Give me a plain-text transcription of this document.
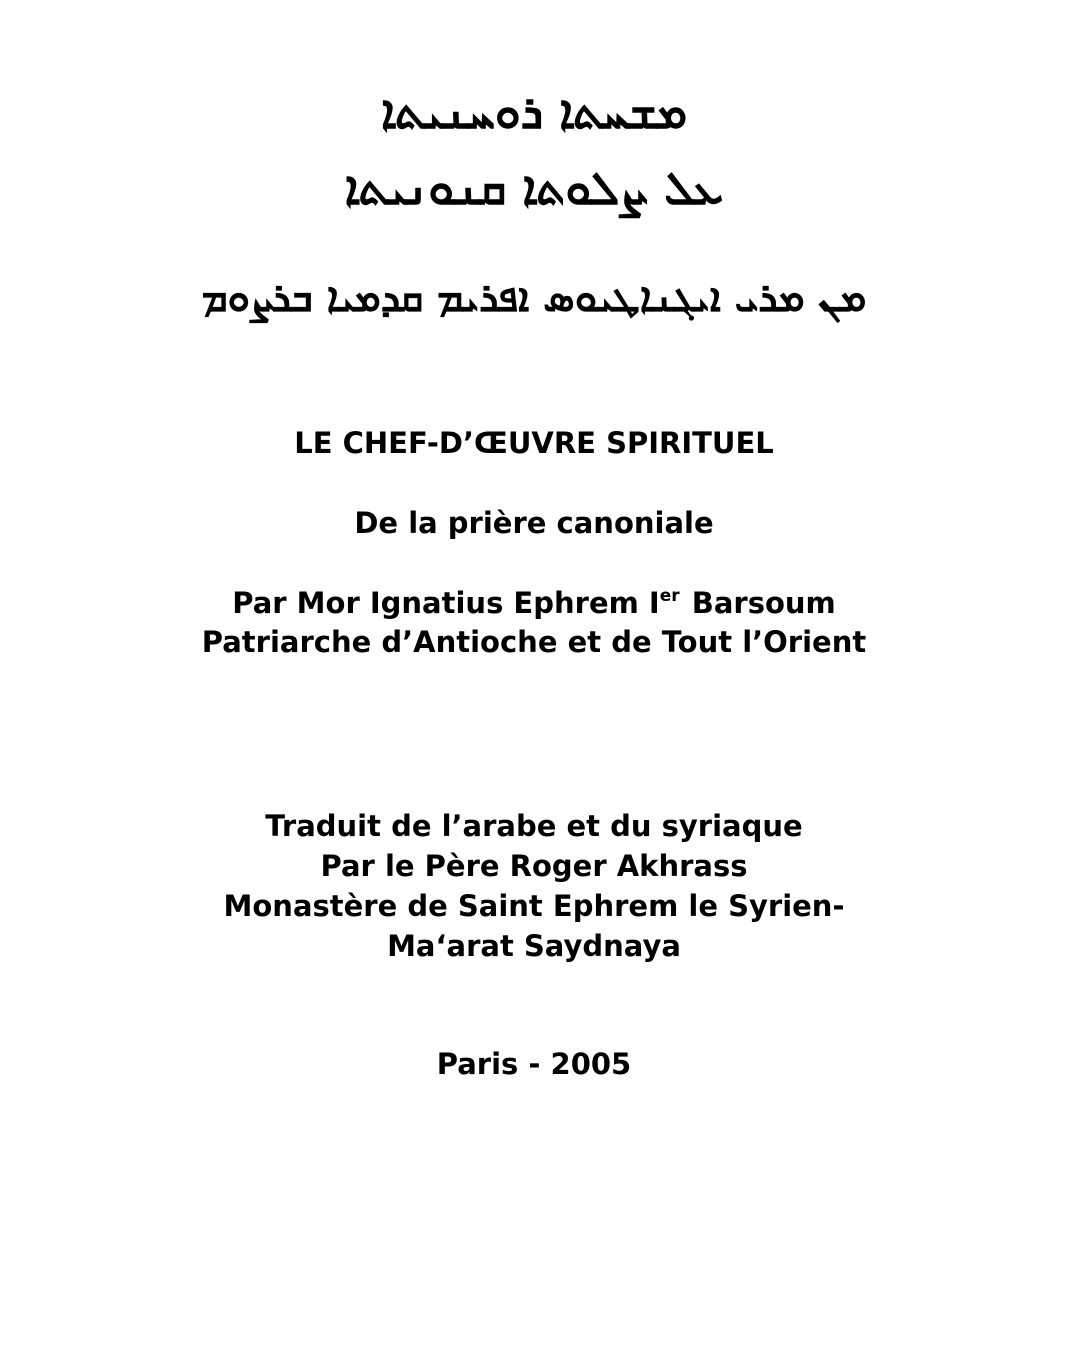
ܡܫܚܬܐ ܪܘܚܢܝܬܐ
ܥܠ ܨܠܘܬܐ ܩܢܘܢܝܬܐ
ܡܢ ܡܪܝ ܐܝܓܢܐܛܝܘܣ ܐܦܪܝܡ ܩܕܡܝܐ ܒܪܨܘܡ
LE CHEF-D’ŒUVRE SPIRITUEL
De la prière canoniale
Par Mor Ignatius Ephrem Ier Barsoum
Patriarche d’Antioche et de Tout l’Orient
Traduit de l’arabe et du syriaque
Par le Père Roger Akhrass
Monastère de Saint Ephrem le Syrien-
Ma‘arat Saydnaya
Paris - 2005
